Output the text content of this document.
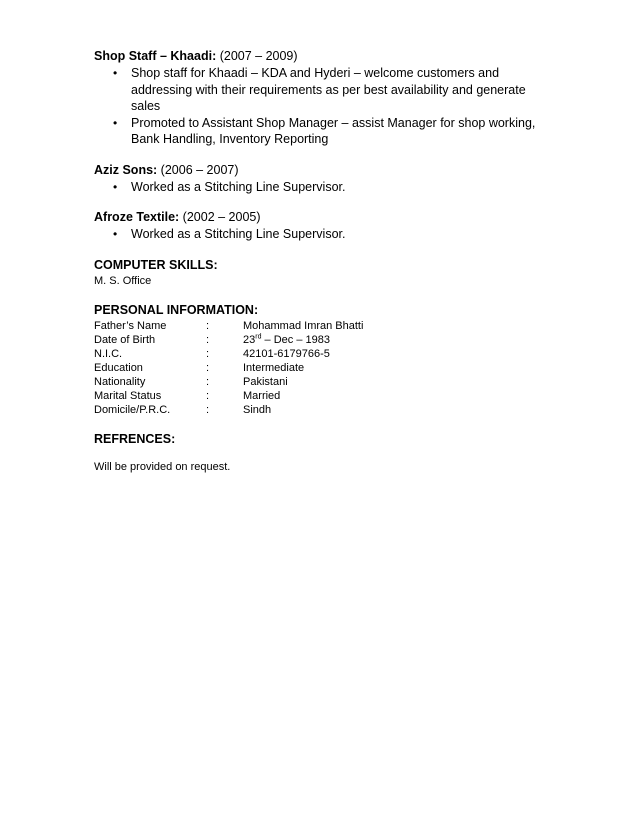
Shop Staff – Khaadi: (2007 – 2009)

• Shop staff for Khaadi – KDA and Hyderi – welcome customers and addressing with their requirements as per best availability and generate sales
• Promoted to Assistant Shop Manager – assist Manager for shop working, Bank Handling, Inventory Reporting

Aziz Sons: (2006 – 2007)

• Worked as a Stitching Line Supervisor.

Afroze Textile: (2002 – 2005)

• Worked as a Stitching Line Supervisor.

COMPUTER SKILLS:

M. S. Office

PERSONAL INFORMATION:

Father’s Name	:	Mohammad Imran Bhatti
Date of Birth	:	23rd – Dec – 1983
N.I.C.	:	42101-6179766-5
Education	:	Intermediate
Nationality	:	Pakistani
Marital Status	:	Married
Domicile/P.R.C.	:	Sindh

REFRENCES:

Will be provided on request.
